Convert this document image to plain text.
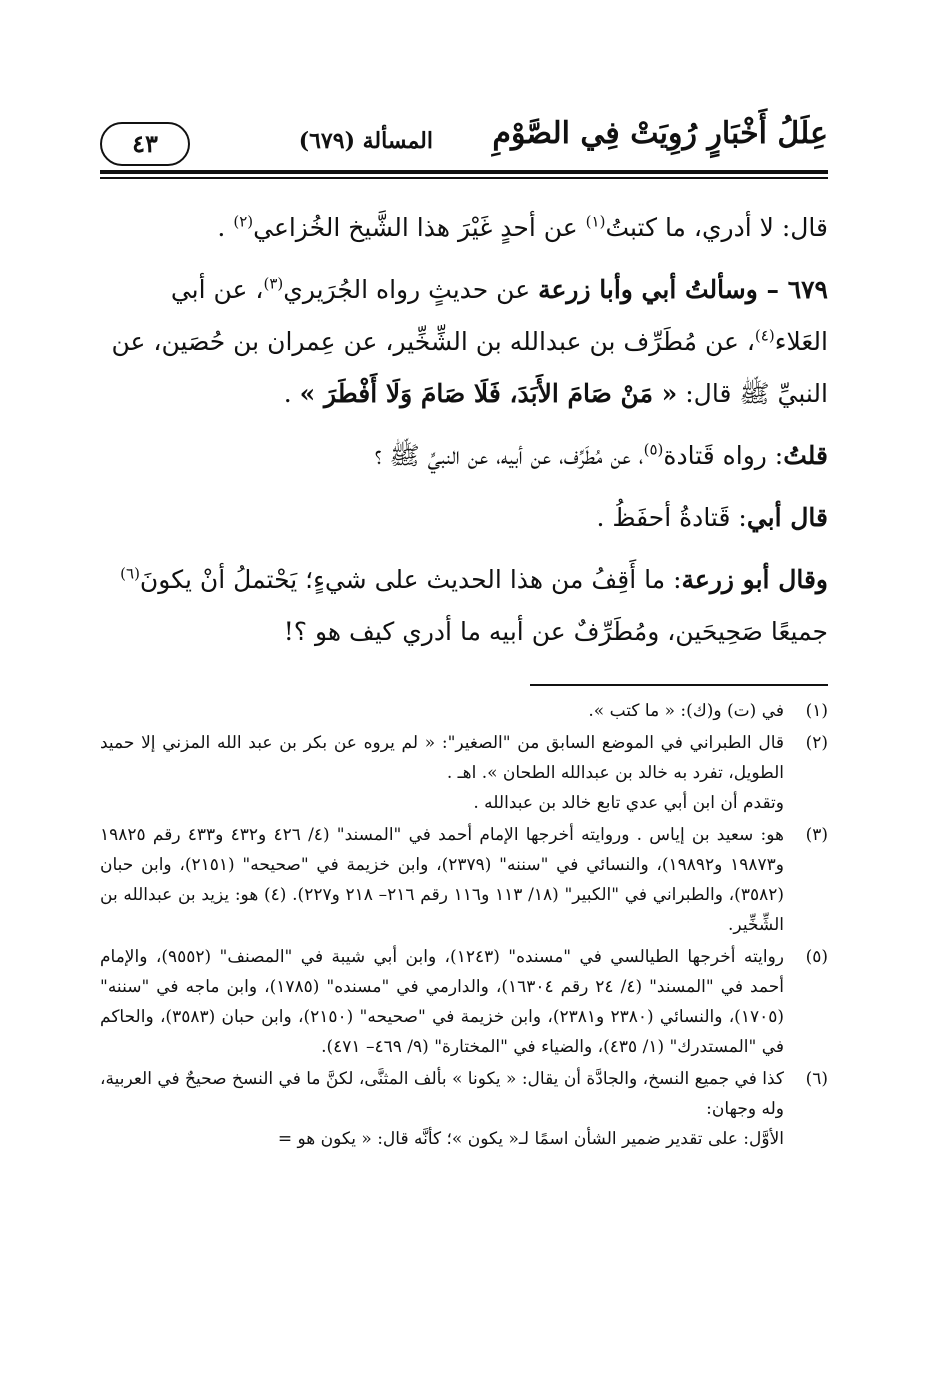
عِلَلُ أَخْبَارٍ رُوِيَتْ فِي الصَّوْمِ
المسألة (٦٧٩)
٤٣

قال: لا أدري، ما كتبتُ$^{(١)}$ عن أحدٍ غَيْرَ هذا الشَّيخ الخُزاعي$^{(٢)}$ .

٦٧٩ – وسألتُ أبي وأبا زرعة عن حديثٍ رواه الجُرَيري$^{(٣)}$، عن أبي العَلاء$^{(٤)}$، عن مُطَرِّف بن عبدالله بن الشِّخِّير، عن عِمران بن حُصَين، عن النبيِّ ﷺ قال: « مَنْ صَامَ الأَبَدَ، فَلَا صَامَ وَلَا أَفْطَرَ » .

قلتُ: رواه قَتادة$^{(٥)}$، عن مُطَرِّف، عن أبيه، عن النبيِّ ﷺ ؟

قال أبي: قَتادةُ أحفَظُ .

وقال أبو زرعة: ما أَقِفُ من هذا الحديث على شيءٍ؛ يَحْتملُ أنْ يكونَ$^{(٦)}$ جميعًا صَحِيحَين، ومُطَرِّفٌ عن أبيه ما أدري كيف هو ؟!

(١)
في (ت) و(ك): « ما كتب ».
(٢)
قال الطبراني في الموضع السابق من "الصغير": « لم يروه عن بكر بن عبد الله المزني إلا حميد الطويل، تفرد به خالد بن عبدالله الطحان ». اهـ .
وتقدم أن ابن أبي عدي تابع خالد بن عبدالله .
(٣)
هو: سعيد بن إياس . وروايته أخرجها الإمام أحمد في "المسند" (٤/ ٤٢٦ و٤٣٢ و٤٣٣ رقم ١٩٨٢٥ و١٩٨٧٣ و١٩٨٩٢)، والنسائي في "سننه" (٢٣٧٩)، وابن خزيمة في "صحيحه" (٢١٥١)، وابن حبان (٣٥٨٢)، والطبراني في "الكبير" (١٨/ ١١٣ و١١٦ رقم ٢١٦– ٢١٨ و٢٢٧). (٤) هو: يزيد بن عبدالله بن الشِّخِّير.
(٥)
روايته أخرجها الطيالسي في "مسنده" (١٢٤٣)، وابن أبي شيبة في "المصنف" (٩٥٥٢)، والإمام أحمد في "المسند" (٤/ ٢٤ رقم ١٦٣٠٤)، والدارمي في "مسنده" (١٧٨٥)، وابن ماجه في "سننه" (١٧٠٥)، والنسائي (٢٣٨٠ و٢٣٨١)، وابن خزيمة في "صحيحه" (٢١٥٠)، وابن حبان (٣٥٨٣)، والحاكم في "المستدرك" (١/ ٤٣٥)، والضياء في "المختارة" (٩/ ٤٦٩– ٤٧١).
(٦)
كذا في جميع النسخ، والجادَّة أن يقال: « يكونا » بألف المثنَّى، لكنَّ ما في النسخ صحيحٌ في العربية، وله وجهان:
الأوَّل: على تقدير ضمير الشأن اسمًا لـ« يكون »؛ كأنَّه قال: « يكون هو =
